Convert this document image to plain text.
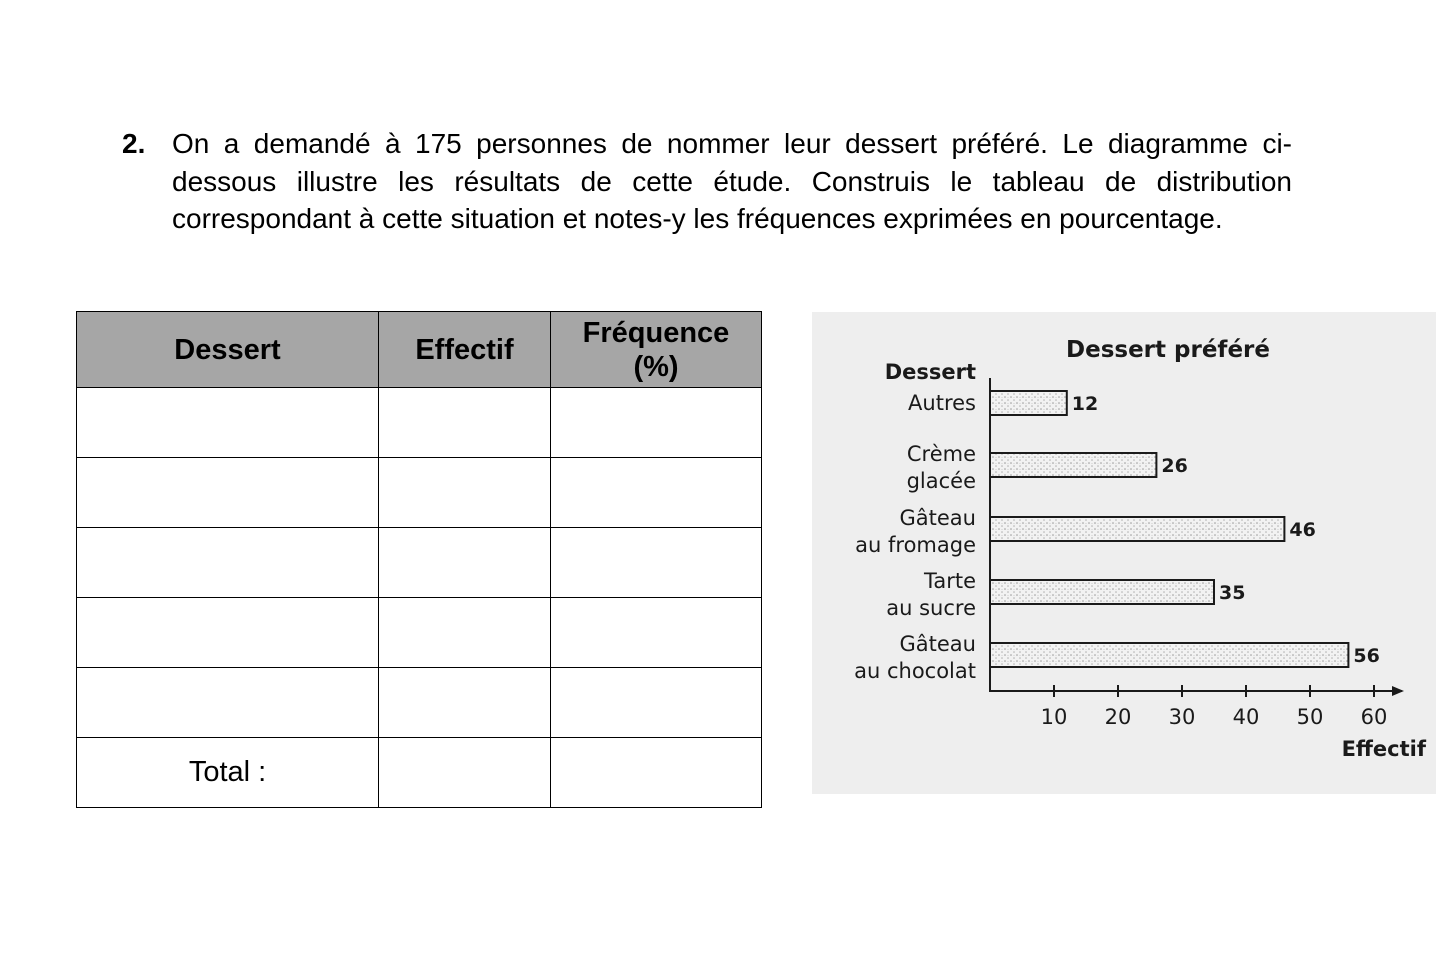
2. On a demandé à 175 personnes de nommer leur dessert préféré. Le diagramme ci-dessous illustre les résultats de cette étude. Construis le tableau de distribution correspondant à cette situation et notes-y les fréquences exprimées en pourcentage.
Dessert	Effectif	Fréquence
(%)

Total :		
Dessert préféré
Dessert
Effectif
12
Autres
26
Crème
glacée
46
Gâteau
au fromage
35
Tarte
au sucre
56
Gâteau
au chocolat
10 20 30 40 50 60
